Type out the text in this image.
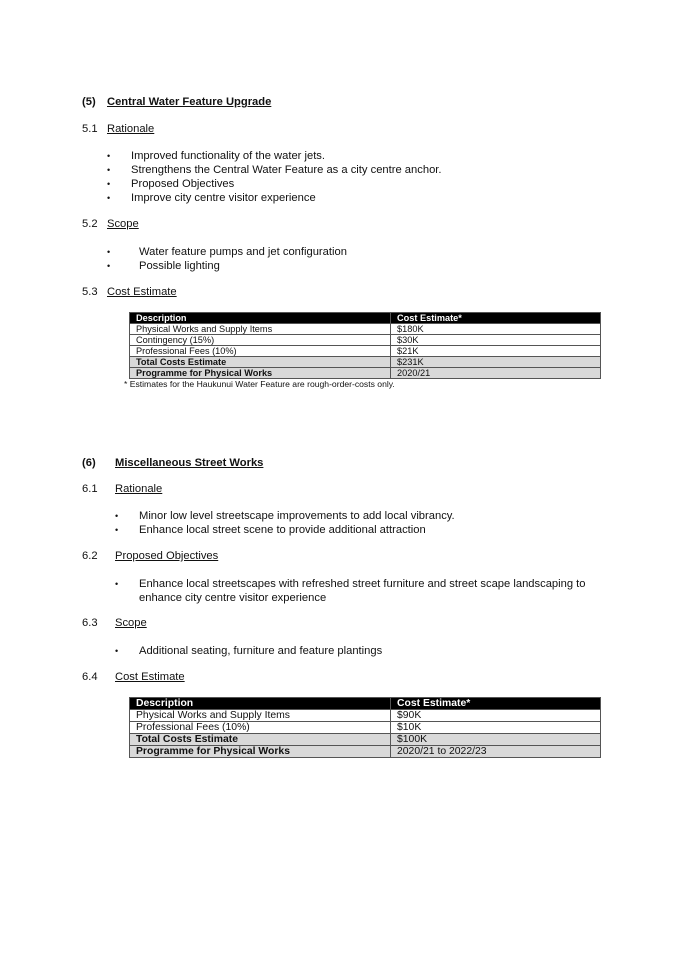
(5) Central Water Feature Upgrade
5.1 Rationale
• Improved functionality of the water jets.
• Strengthens the Central Water Feature as a city centre anchor.
• Proposed Objectives
• Improve city centre visitor experience
5.2 Scope
•	Water feature pumps and jet configuration
•	Possible lighting
5.3 Cost Estimate
Description	Cost Estimate*
Physical Works and Supply Items	$180K
Contingency (15%)	$30K
Professional Fees (10%)	$21K
Total Costs Estimate	$231K
Programme for Physical Works	2020/21
* Estimates for the Haukunui Water Feature are rough-order-costs only.
(6) Miscellaneous Street Works
6.1 Rationale
• Minor low level streetscape improvements to add local vibrancy.
• Enhance local street scene to provide additional attraction
6.2 Proposed Objectives
• Enhance local streetscapes with refreshed street furniture and street scape landscaping to enhance city centre visitor experience
6.3 Scope
• Additional seating, furniture and feature plantings
6.4 Cost Estimate
Description	Cost Estimate*
Physical Works and Supply Items	$90K
Professional Fees (10%)	$10K
Total Costs Estimate	$100K
Programme for Physical Works	2020/21 to 2022/23
